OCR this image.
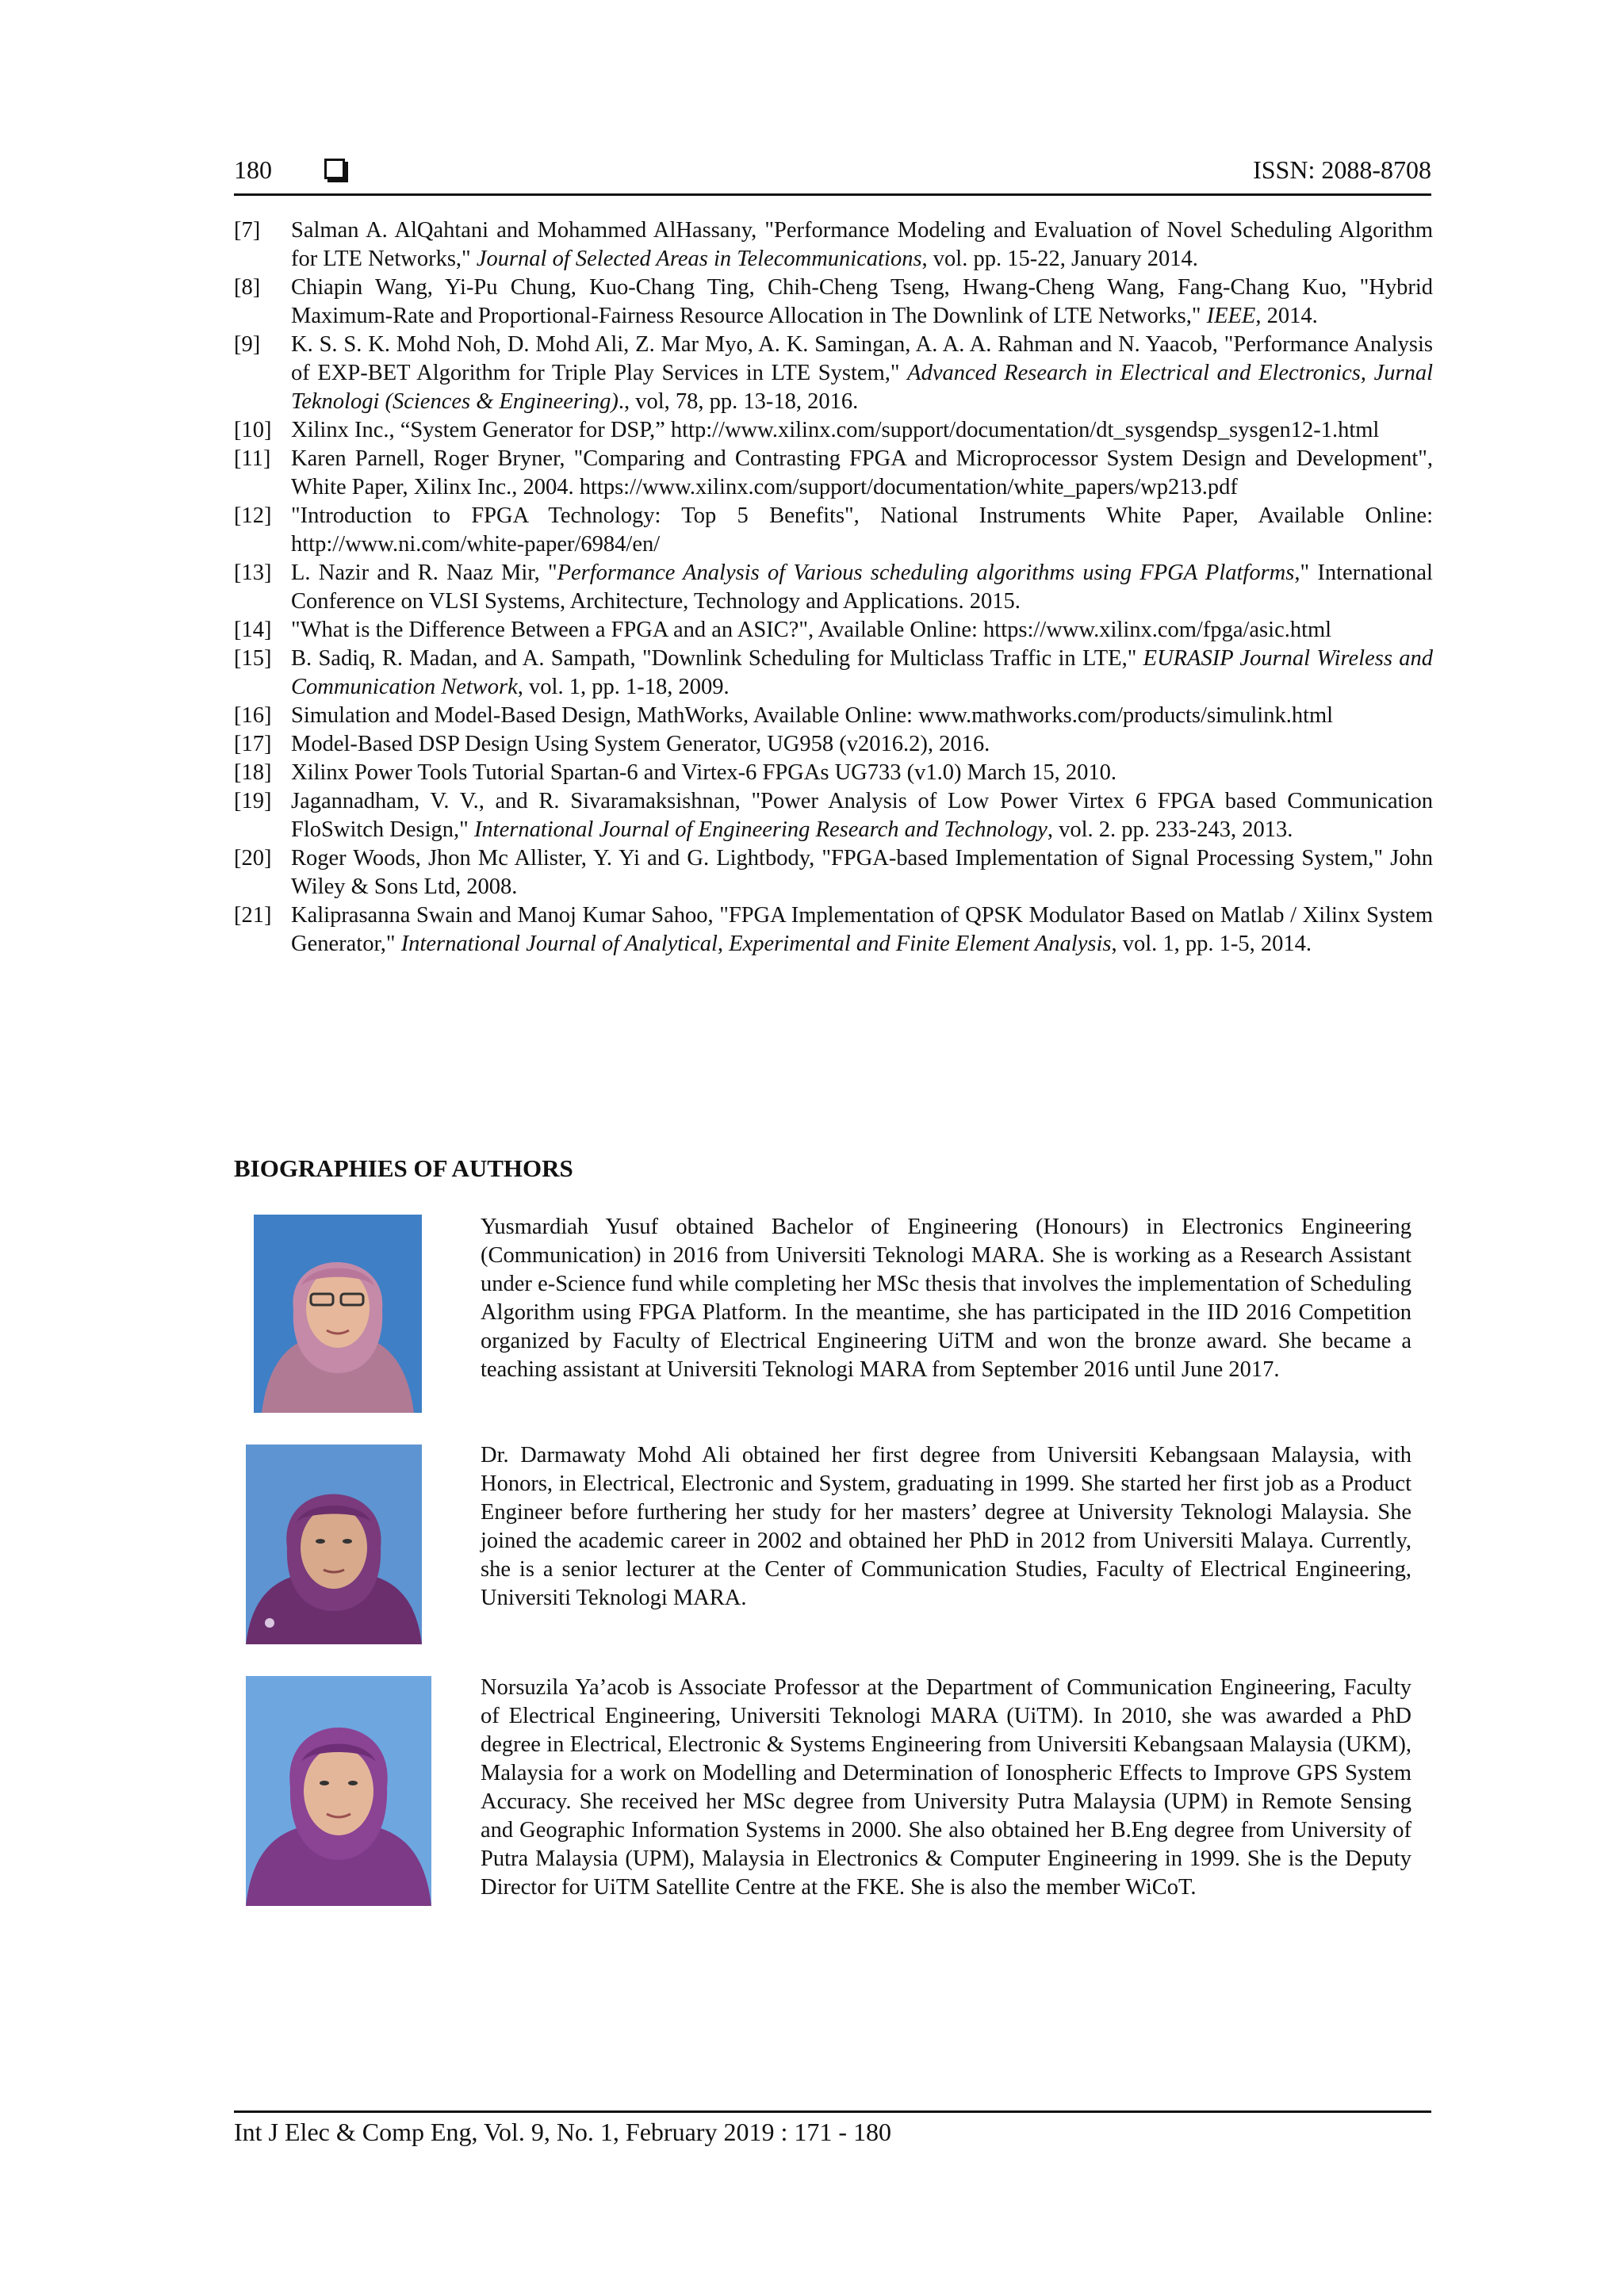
180	ISSN: 2088-8708
[7]	Salman A. AlQahtani and Mohammed AlHassany, "Performance Modeling and Evaluation of Novel Scheduling Algorithm for LTE Networks," Journal of Selected Areas in Telecommunications, vol. pp. 15-22, January 2014.
[8]	Chiapin Wang, Yi-Pu Chung, Kuo-Chang Ting, Chih-Cheng Tseng, Hwang-Cheng Wang, Fang-Chang Kuo, "Hybrid Maximum-Rate and Proportional-Fairness Resource Allocation in The Downlink of LTE Networks," IEEE, 2014.
[9]	K. S. S. K. Mohd Noh, D. Mohd Ali, Z. Mar Myo, A. K. Samingan, A. A. A. Rahman and N. Yaacob, "Performance Analysis of EXP-BET Algorithm for Triple Play Services in LTE System," Advanced Research in Electrical and Electronics, Jurnal Teknologi (Sciences & Engineering)., vol, 78, pp. 13-18, 2016.
[10] Xilinx Inc., “System Generator for DSP,” http://www.xilinx.com/support/documentation/dt_sysgendsp_sysgen12-1.html
[11] Karen Parnell, Roger Bryner, "Comparing and Contrasting FPGA and Microprocessor System Design and Development", White Paper, Xilinx Inc., 2004. https://www.xilinx.com/support/documentation/white_papers/wp213.pdf
[12] "Introduction to FPGA Technology: Top 5 Benefits", National Instruments White Paper, Available Online: http://www.ni.com/white-paper/6984/en/
[13] L. Nazir and R. Naaz Mir, "Performance Analysis of Various scheduling algorithms using FPGA Platforms," International Conference on VLSI Systems, Architecture, Technology and Applications. 2015.
[14] "What is the Difference Between a FPGA and an ASIC?", Available Online: https://www.xilinx.com/fpga/asic.html
[15] B. Sadiq, R. Madan, and A. Sampath, "Downlink Scheduling for Multiclass Traffic in LTE," EURASIP Journal Wireless and Communication Network, vol. 1, pp. 1-18, 2009.
[16] Simulation and Model-Based Design, MathWorks, Available Online: www.mathworks.com/products/simulink.html
[17] Model-Based DSP Design Using System Generator, UG958 (v2016.2), 2016.
[18] Xilinx Power Tools Tutorial Spartan-6 and Virtex-6 FPGAs UG733 (v1.0) March 15, 2010.
[19] Jagannadham, V. V., and R. Sivaramaksishnan, "Power Analysis of Low Power Virtex 6 FPGA based Communication FloSwitch Design," International Journal of Engineering Research and Technology, vol. 2. pp. 233-243, 2013.
[20] Roger Woods, Jhon Mc Allister, Y. Yi and G. Lightbody, "FPGA-based Implementation of Signal Processing System," John Wiley & Sons Ltd, 2008.
[21] Kaliprasanna Swain and Manoj Kumar Sahoo, "FPGA Implementation of QPSK Modulator Based on Matlab / Xilinx System Generator," International Journal of Analytical, Experimental and Finite Element Analysis, vol. 1, pp. 1-5, 2014.
BIOGRAPHIES OF AUTHORS

Yusmardiah Yusuf obtained Bachelor of Engineering (Honours) in Electronics Engineering (Communication) in 2016 from Universiti Teknologi MARA. She is working as a Research Assistant under e-Science fund while completing her MSc thesis that involves the implementation of Scheduling Algorithm using FPGA Platform. In the meantime, she has participated in the IID 2016 Competition organized by Faculty of Electrical Engineering UiTM and won the bronze award. She became a teaching assistant at Universiti Teknologi MARA from September 2016 until June 2017.

Dr. Darmawaty Mohd Ali obtained her first degree from Universiti Kebangsaan Malaysia, with Honors, in Electrical, Electronic and System, graduating in 1999. She started her first job as a Product Engineer before furthering her study for her masters’ degree at University Teknologi Malaysia. She joined the academic career in 2002 and obtained her PhD in 2012 from Universiti Malaya. Currently, she is a senior lecturer at the Center of Communication Studies, Faculty of Electrical Engineering, Universiti Teknologi MARA.

Norsuzila Ya’acob is Associate Professor at the Department of Communication Engineering, Faculty of Electrical Engineering, Universiti Teknologi MARA (UiTM). In 2010, she was awarded a PhD degree in Electrical, Electronic & Systems Engineering from Universiti Kebangsaan Malaysia (UKM), Malaysia for a work on Modelling and Determination of Ionospheric Effects to Improve GPS System Accuracy. She received her MSc degree from University Putra Malaysia (UPM) in Remote Sensing and Geographic Information Systems in 2000. She also obtained her B.Eng degree from University of Putra Malaysia (UPM), Malaysia in Electronics & Computer Engineering in 1999. She is the Deputy Director for UiTM Satellite Centre at the FKE. She is also the member WiCoT.

Int J Elec & Comp Eng, Vol. 9, No. 1, February 2019 : 171 - 180
